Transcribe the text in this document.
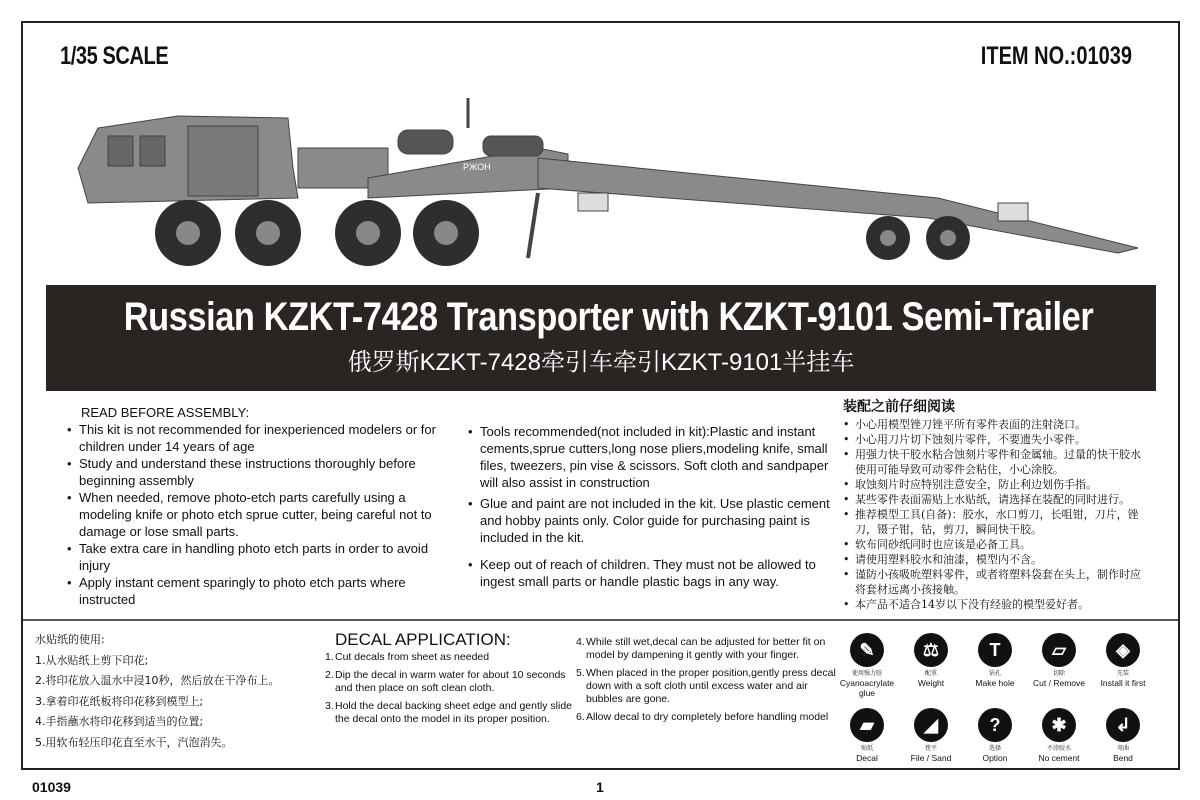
1/35 SCALE	ITEM NO.:01039
PЖОН
Russian KZKT-7428 Transporter with KZKT-9101 Semi-Trailer
俄罗斯KZKT-7428牵引车牵引KZKT-9101半挂车
READ BEFORE ASSEMBLY:
• This kit is not recommended for inexperienced modelers or for children under 14 years of age
• Study and understand these instructions thoroughly before beginning assembly
• When needed, remove photo-etch parts carefully using a modeling knife or photo etch sprue cutter, being careful not to damage or lose small parts.
• Take extra care in handling photo etch parts in order to avoid injury
• Apply instant cement sparingly to photo etch parts where instructed
• Tools recommended(not included in kit):Plastic and instant cements,sprue cutters,long nose pliers,modeling knife, small files, tweezers, pin vise & scissors. Soft cloth and sandpaper will also assist in construction
• Glue and paint are not included in the kit. Use plastic cement and hobby paints only. Color guide for purchasing paint is included in the kit.
• Keep out of reach of children. They must not be allowed to ingest small parts or handle plastic bags in any way.
装配之前仔细阅读
• 小心用模型锉刀锉平所有零件表面的注射浇口。
• 小心用刀片切下蚀刻片零件，不要遗失小零件。
• 用强力快干胶水粘合蚀刻片零件和金属轴。过量的快干胶水使用可能导致可动零件会粘住，小心涂胶。
• 取蚀刻片时应特别注意安全，防止利边划伤手指。
• 某些零件表面需贴上水贴纸，请选择在装配的同时进行。
• 推荐模型工具(自备)：胶水，水口剪刀，长咀钳，刀片，锉刀，镊子钳，钻，剪刀，瞬间快干胶。
• 软布同砂纸同时也应该是必备工具。
• 请使用塑料胶水和油漆，模型内不含。
• 谨防小孩吸吮塑料零件，或者将塑料袋套在头上，制作时应将套材远离小孩接触。
• 本产品不适合14岁以下没有经验的模型爱好者。
水贴纸的使用:
1.从水贴纸上剪下印花;
2.将印花放入温水中浸10秒，然后放在干净布上。
3.拿着印花纸板将印花移到模型上;
4.手指蘸水将印花移到适当的位置;
5.用软布轻压印花直至水干，汽泡消失。
DECAL APPLICATION:
1. Cut decals from sheet as needed
2. Dip the decal in warm water for about 10 seconds and then place on soft clean cloth.
3. Hold the decal backing sheet edge and gently slide the decal onto the model in its proper position.
4. While still wet,decal can be adjusted for better fit on model by dampening it gently with your finger.
5. When placed in the proper position,gently press decal down with a soft cloth until excess water and air bubbles are gone.
6. Allow decal to dry completely before handling model
✎
使用强力胶
Cyanoacrylate glue
⚖
配重
Weight
T
钻孔
Make hole
▱
切除
Cut / Remove
◈
先装
Install it first
▰
贴纸
Decal
◢
锉平
File / Sand
?
选择
Option
✱
不涂胶水
No cement
↲
弯曲
Bend
01039	1
